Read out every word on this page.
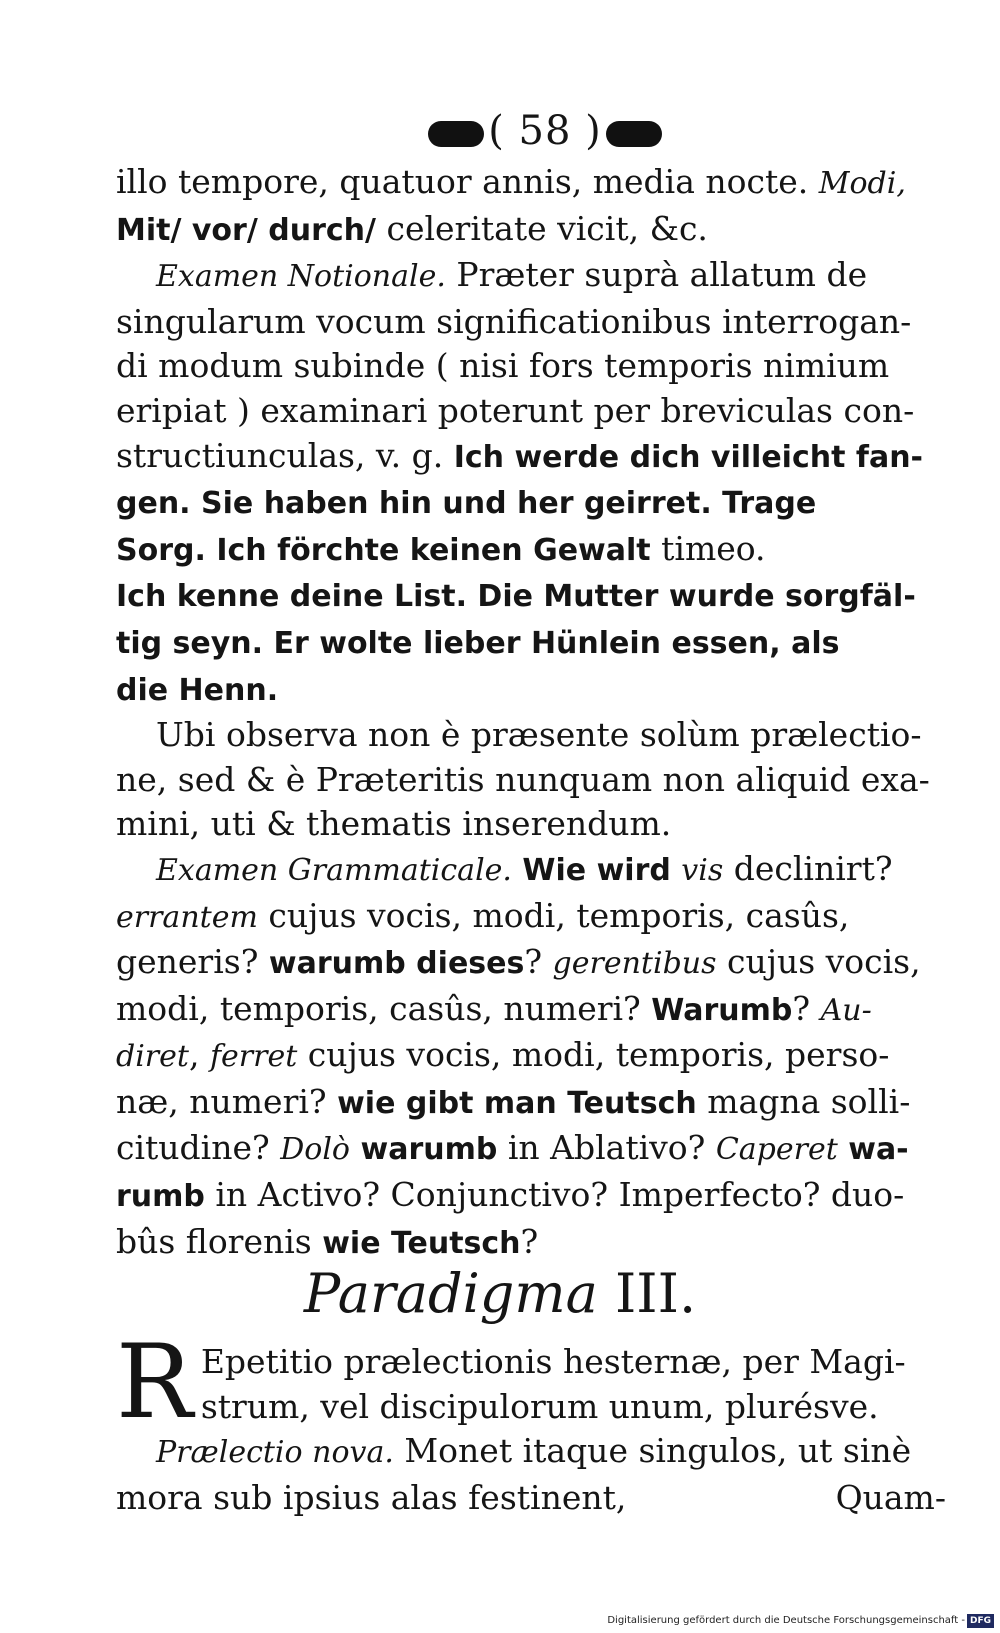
( 58 )

illo tempore, quatuor annis, media nocte. Modi,
Mit/ vor/ durch/ celeritate vicit, &c.
Examen Notionale. Præter suprà allatum de
singularum vocum significationibus interrogan-
di modum subinde ( nisi fors temporis nimium
eripiat ) examinari poterunt per breviculas con-
structiunculas, v. g. Ich werde dich villeicht fan-
gen. Sie haben hin und her geirret. Trage
Sorg. Ich förchte keinen Gewalt timeo.
Ich kenne deine List. Die Mutter wurde sorgfäl-
tig seyn. Er wolte lieber Hünlein essen, als
die Henn.

Ubi observa non è præsente solùm prælectio-
ne, sed & è Præteritis nunquam non aliquid exa-
mini, uti & thematis inserendum.

Examen Grammaticale. Wie wird vis declinirt?
errantem cujus vocis, modi, temporis, casûs,
generis? warumb dieses? gerentibus cujus vocis,
modi, temporis, casûs, numeri? Warumb? Au-
diret, ferret cujus vocis, modi, temporis, perso-
næ, numeri? wie gibt man Teutsch magna solli-
citudine? Dolò warumb in Ablativo? Caperet wa-
rumb in Activo? Conjunctivo? Imperfecto? duo-
bûs florenis wie Teutsch?

Paradigma III.
R Epetitio prælectionis hesternæ, per Magi-
strum, vel discipulorum unum, plurésve.
Prælectio nova. Monet itaque singulos, ut sinè
mora sub ipsius alas festinent,	Quam-
Digitalisierung gefördert durch die Deutsche Forschungsgemeinschaft - DFG
